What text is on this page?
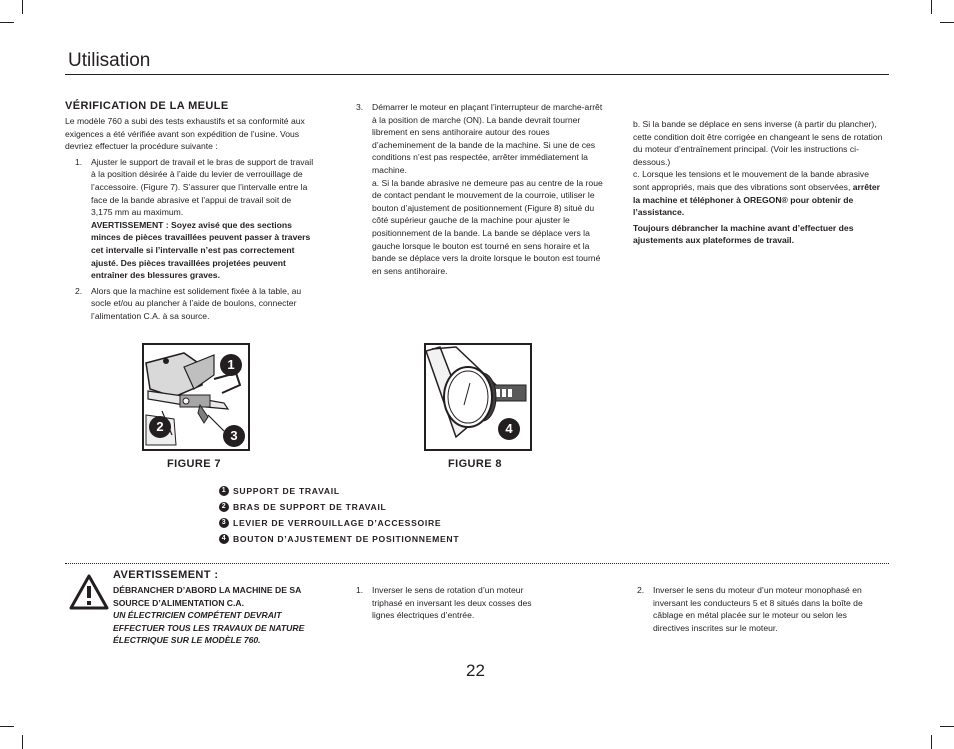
Utilisation
VÉRIFICATION DE LA MEULE
Le modèle 760 a subi des tests exhaustifs et sa conformité aux exigences a été vérifiée avant son expédition de l’usine. Vous devriez effectuer la procédure suivante :
1. Ajuster le support de travail et le bras de support de travail à la position désirée à l’aide du levier de verrouillage de l’accessoire. (Figure 7). S’assurer que l’intervalle entre la face de la bande abrasive et l’appui de travail soit de 3,175 mm au maximum.
AVERTISSEMENT : Soyez avisé que des sections minces de pièces travaillées peuvent passer à travers cet intervalle si l’intervalle n’est pas correctement ajusté. Des pièces travaillées projetées peuvent entraîner des blessures graves.
2. Alors que la machine est solidement fixée à la table, au socle et/ou au plancher à l’aide de boulons, connecter l’alimentation C.A. à sa source.
3. Démarrer le moteur en plaçant l’interrupteur de marche-arrêt à la position de marche (ON). La bande devrait tourner librement en sens antihoraire autour des roues d’acheminement de la bande de la machine. Si une de ces conditions n’est pas respectée, arrêter immédiatement la machine.
a. Si la bande abrasive ne demeure pas au centre de la roue de contact pendant le mouvement de la courroie, utiliser le bouton d’ajustement de positionnement (Figure 8) situé du côté supérieur gauche de la machine pour ajuster le positionnement de la bande. La bande se déplace vers la gauche lorsque le bouton est tourné en sens horaire et la bande se déplace vers la droite lorsque le bouton est tourné en sens antihoraire.
b. Si la bande se déplace en sens inverse (à partir du plancher), cette condition doit être corrigée en changeant le sens de rotation du moteur d’entraînement principal. (Voir les instructions ci-dessous.)
c. Lorsque les tensions et le mouvement de la bande abrasive sont appropriés, mais que des vibrations sont observées, arrêter la machine et téléphoner à OREGON® pour obtenir de l’assistance.
Toujours débrancher la machine avant d’effectuer des ajustements aux plateformes de travail.
1
2
3
FIGURE 7
4
FIGURE 8
1 SUPPORT DE TRAVAIL
2 BRAS DE SUPPORT DE TRAVAIL
3 LEVIER DE VERROUILLAGE D’ACCESSOIRE
4 BOUTON D’AJUSTEMENT DE POSITIONNEMENT
AVERTISSEMENT :
DÉBRANCHER D’ABORD LA MACHINE DE SA SOURCE D’ALIMENTATION C.A.
UN ÉLECTRICIEN COMPÉTENT DEVRAIT EFFECTUER TOUS LES TRAVAUX DE NATURE ÉLECTRIQUE SUR LE MODÈLE 760.
1. Inverser le sens de rotation d’un moteur triphasé en inversant les deux cosses des lignes électriques d’entrée.
2. Inverser le sens du moteur d’un moteur monophasé en inversant les conducteurs 5 et 8 situés dans la boîte de câblage en métal placée sur le moteur ou selon les directives inscrites sur le moteur.
22
